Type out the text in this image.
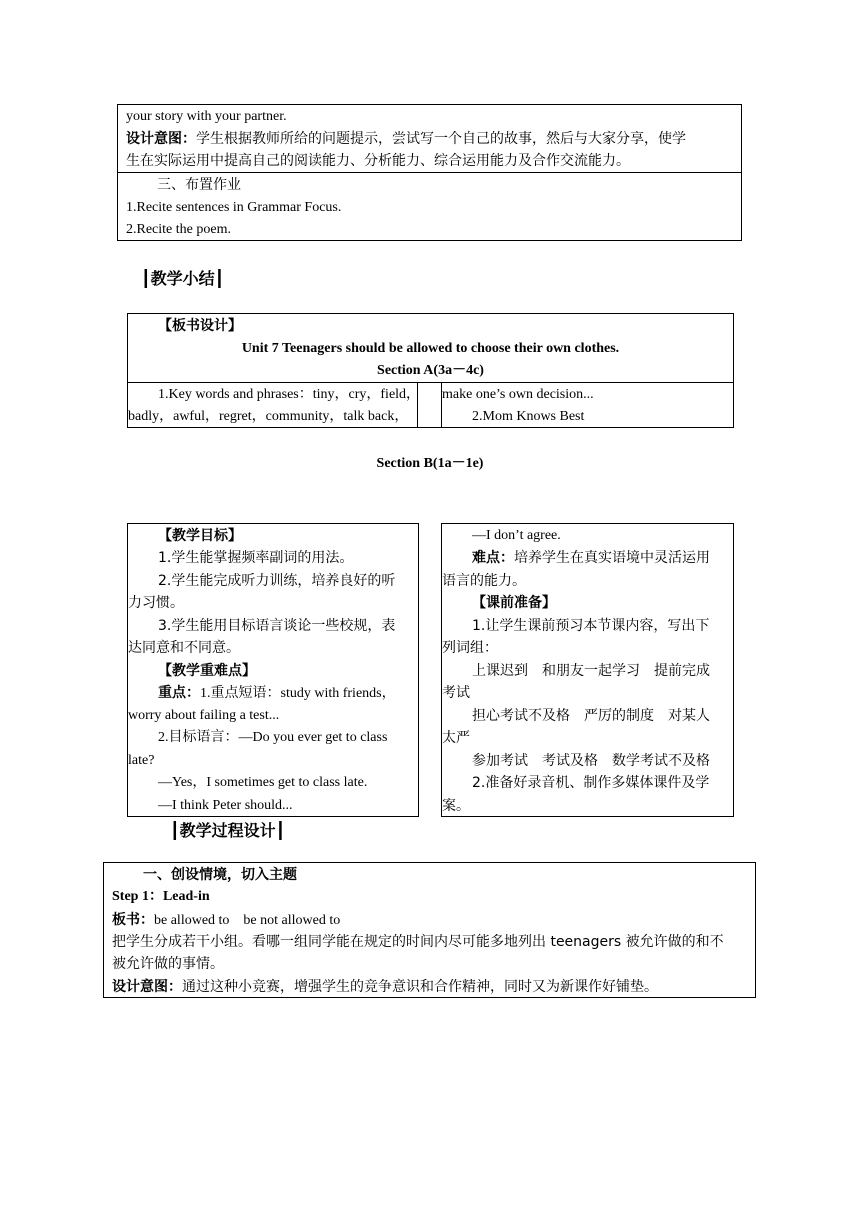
your story with your partner.
设计意图：学生根据教师所给的问题提示，尝试写一个自己的故事，然后与大家分享，使学
生在实际运用中提高自己的阅读能力、分析能力、综合运用能力及合作交流能力。
三、布置作业
1.Recite sentences in Grammar Focus.
2.Recite the poem.
┃教学小结┃
【板书设计】
Unit 7 Teenagers should be allowed to choose their own clothes.
Section A(3a－4c)
1.Key words and phrases：tiny，cry，field，
badly，awful，regret，community，talk back，
make one’s own decision...
2.Mom Knows Best
Section B(1a－1e)
【教学目标】
1.学生能掌握频率副词的用法。
2.学生能完成听力训练，培养良好的听
力习惯。
3.学生能用目标语言谈论一些校规，表
达同意和不同意。
【教学重难点】
重点：1.重点短语：study with friends，
worry about failing a test...
2.目标语言：—Do you ever get to class
late?
—Yes，I sometimes get to class late.
—I think Peter should...
—I don’t agree.
难点：培养学生在真实语境中灵活运用
语言的能力。
【课前准备】
1.让学生课前预习本节课内容，写出下
列词组：
上课迟到　和朋友一起学习　提前完成
考试
担心考试不及格　严厉的制度　对某人
太严
参加考试　考试及格　数学考试不及格
2.准备好录音机、制作多媒体课件及学
案。
┃教学过程设计┃
一、创设情境，切入主题
Step 1：Lead-in
板书：be allowed to　be not allowed to
把学生分成若干小组。看哪一组同学能在规定的时间内尽可能多地列出 teenagers 被允许做的和不
被允许做的事情。
设计意图：通过这种小竞赛，增强学生的竞争意识和合作精神，同时又为新课作好铺垫。
